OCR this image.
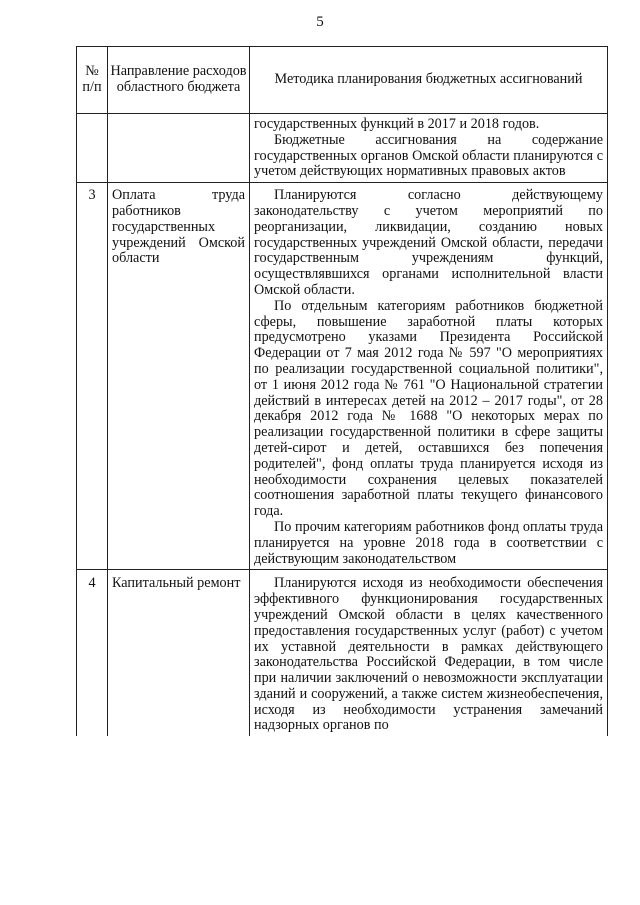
5
№ п/п	Направление расходов областного бюджета	Методика планирования бюджетных ассигнований

		государственных функций в 2017 и 2018 годов.

Бюджетные ассигнования на содержание государственных органов Омской области планируются с учетом действующих нормативных правовых актов

3	Оплата труда работников государственных учреждений Омской области	Планируются согласно действующему законодательству с учетом мероприятий по реорганизации, ликвидации, созданию новых государственных учреждений Омской области, передачи государственным учреждениям функций, осуществлявшихся органами исполнительной власти Омской области.

По отдельным категориям работников бюджетной сферы, повышение заработной платы которых предусмотрено указами Президента Российской Федерации от 7 мая 2012 года № 597 "О мероприятиях по реализации государственной социальной политики", от 1 июня 2012 года № 761 "О Национальной стратегии действий в интересах детей на 2012 – 2017 годы", от 28 декабря 2012 года № 1688 "О некоторых мерах по реализации государственной политики в сфере защиты детей-сирот и детей, оставшихся без попечения родителей", фонд оплаты труда планируется исходя из необходимости сохранения целевых показателей соотношения заработной платы текущего финансового года.

По прочим категориям работников фонд оплаты труда планируется на уровне 2018 года в соответствии с действующим законодательством

4	Капитальный ремонт	Планируются исходя из необходимости обеспечения эффективного функционирования государственных учреждений Омской области в целях качественного предоставления государственных услуг (работ) с учетом их уставной деятельности в рамках действующего законодательства Российской Федерации, в том числе при наличии заключений о невозможности эксплуатации зданий и сооружений, а также систем жизнеобеспечения, исходя из необходимости устранения замечаний надзорных органов по
